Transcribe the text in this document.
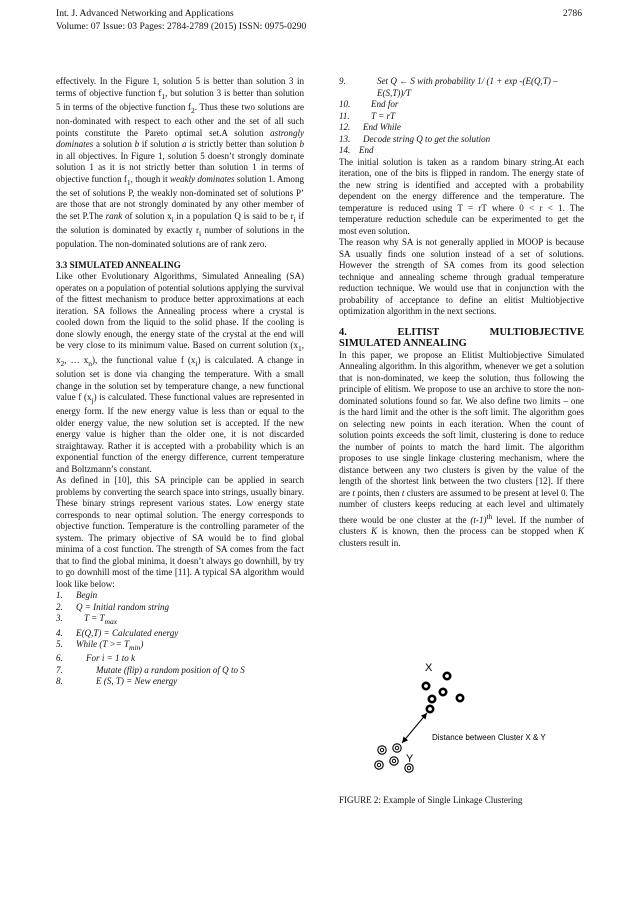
Int. J. Advanced Networking and Applications
Volume: 07 Issue: 03 Pages: 2784-2789 (2015) ISSN: 0975-0290
2786

effectively. In the Figure 1, solution 5 is better than solution 3 in terms of objective function $f_1$, but solution 3 is better than solution 5 in terms of the objective function $f_2$. Thus these two solutions are non-dominated with respect to each other and the set of all such points constitute the Pareto optimal set.A solution astrongly dominates a solution b if solution a is strictly better than solution b in all objectives. In Figure 1, solution 5 doesn’t strongly dominate solution 1 as it is not strictly better than solution 1 in terms of objective function $f_1$, though it weakly dominates solution 1. Among the set of solutions P, the weakly non-dominated set of solutions P’ are those that are not strongly dominated by any other member of the set P.The rank of solution $x_i$ in a population Q is said to be $r_i$ if the solution is dominated by exactly $r_i$ number of solutions in the population. The non-dominated solutions are of rank zero.

3.3 SIMULATED ANNEALING

Like other Evolutionary Algorithms, Simulated Annealing (SA) operates on a population of potential solutions applying the survival of the fittest mechanism to produce better approximations at each iteration. SA follows the Annealing process where a crystal is cooled down from the liquid to the solid phase. If the cooling is done slowly enough, the energy state of the crystal at the end will be very close to its minimum value. Based on current solution ($x_1$, $x_2$, … $x_n$), the functional value f $(x_i)$ is calculated. A change in solution set is done via changing the temperature. With a small change in the solution set by temperature change, a new functional value f $(x_j)$ is calculated. These functional values are represented in energy form. If the new energy value is less than or equal to the older energy value, the new solution set is accepted. If the new energy value is higher than the older one, it is not discarded straightaway. Rather it is accepted with a probability which is an exponential function of the energy difference, current temperature and Boltzmann’s constant.

As defined in [10], this SA principle can be applied in search problems by converting the search space into strings, usually binary. These binary strings represent various states. Low energy state corresponds to near optimal solution. The energy corresponds to objective function. Temperature is the controlling parameter of the system. The primary objective of SA would be to find global minima of a cost function. The strength of SA comes from the fact that to find the global minima, it doesn’t always go downhill, by try to go downhill most of the time [11]. A typical SA algorithm would look like below:

1.	Begin
2.	Q = Initial random string
3.	$T = T_{max}$
4.	E(Q,T) = Calculated energy
5.	While $(T >= T_{min})$
6.	For i = 1 to k
7.	Mutate (flip) a random position of Q to S
8.	E (S, T) = New energy
9.	Set Q ← S with probability 1/ (1 + exp -(E(Q,T) – E(S,T))/T
10.	End for
11.	T = rT
12.	End While
13.	Decode string Q to get the solution
14. End

The initial solution is taken as a random binary string.At each iteration, one of the bits is flipped in random. The energy state of the new string is identified and accepted with a probability dependent on the energy difference and the temperature. The temperature is reduced using T = rT where 0 < r < 1. The temperature reduction schedule can be experimented to get the most even solution.

The reason why SA is not generally applied in MOOP is because SA usually finds one solution instead of a set of solutions. However the strength of SA comes from its good selection technique and annealing scheme through gradual temperature reduction technique. We would use that in conjunction with the probability of acceptance to define an elitist Multiobjective optimization algorithm in the next sections.

4. ELITIST MULTIOBJECTIVE

SIMULATED ANNEALING

In this paper, we propose an Elitist Multiobjective Simulated Annealing algorithm. In this algorithm, whenever we get a solution that is non-dominated, we keep the solution, thus following the principle of elitism. We propose to use an archive to store the non-dominated solutions found so far. We also define two limits – one is the hard limit and the other is the soft limit. The algorithm goes on selecting new points in each iteration. When the count of solution points exceeds the soft limit, clustering is done to reduce the number of points to match the hard limit. The algorithm proposes to use single linkage clustering mechanism, where the distance between any two clusters is given by the value of the length of the shortest link between the two clusters [12]. If there are t points, then t clusters are assumed to be present at level 0. The number of clusters keeps reducing at each level and ultimately there would be one cluster at the $(t-1)^{th}$ level. If the number of clusters K is known, then the process can be stopped when K clusters result in.

X
Y
Distance between Cluster X & Y
FIGURE 2: Example of Single Linkage Clustering
